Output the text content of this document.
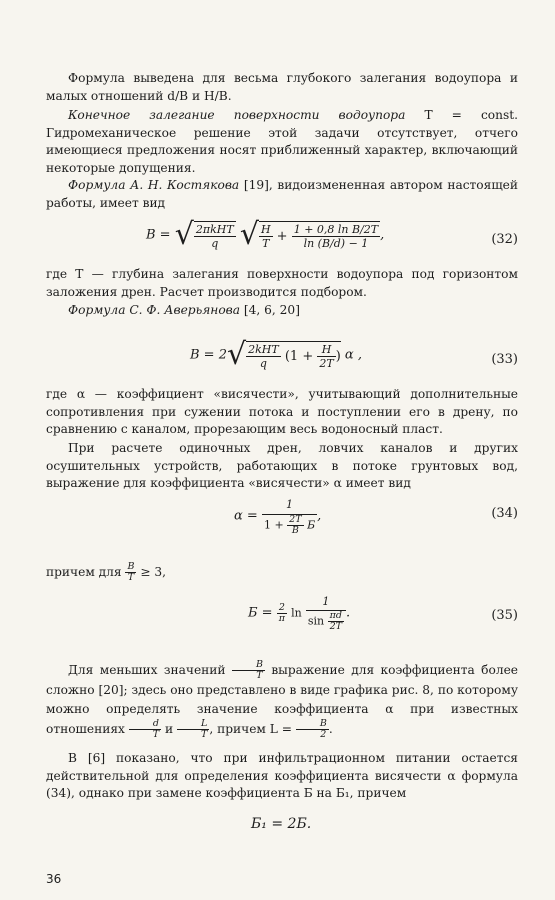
Формула выведена для весьма глубокого залегания водоупора и малых отношений d/B и H/B.
Конечное залегание поверхности водоупора T = const. Гидромеханическое решение этой задачи отсутствует, отчего имеющиеся предложения носят приближенный характер, включающий некоторые допущения.
Формула А. Н. Костякова [19], видоизмененная автором настоящей работы, имеет вид
B = √ $\frac{\text{2πkHT}}{q}$ √ $\frac{H}{T} + \frac{\text{1 + 0,8 ln B/2T}}{\ln (B/d) - 1}$ ,	(32)
где T — глубина залегания поверхности водоупора под горизонтом заложения дрен. Расчет производится подбором.
Формула С. Ф. Аверьянова [4, 6, 20]
$B = 2√ \frac{\text{2kHT}}{q} (1 + \frac{H}{2T}$ ) α ,	(33)
где α — коэффициент «висячести», учитывающий дополнительные сопротивления при сужении потока и поступлении его в дрену, по сравнению с каналом, прорезающим весь водоносный пласт.
При расчете одиночных дрен, ловчих каналов и других осушительных устройств, работающих в потоке грунтовых вод, выражение для коэффициента «висячести» α имеет вид
$\alpha = \frac{1}{1 + \frac{2T}{B} Б}$ ,	(34)
причем для $\frac{B}{T} \ge 3$,
$Б = \frac{2}{\pi}$ $\ln \frac{1}{\sin \frac{\pi d}{2T}}$ .	(35)
Для меньших значений $\frac{B}{T}$ выражение для коэффициента более сложно [20]; здесь оно представлено в виде графика рис. 8, по которому можно определять значение коэффициента α при известных отношениях $\frac{d}{T}$ и $\frac{L}{T}$ , причем $L = \frac{B}{2}$ .
В [6] показано, что при инфильтрационном питании остается действительной для определения коэффициента висячести α формула (34), однако при замене коэффициента Б на Б₁, причем
Б₁ = 2Б.
36
